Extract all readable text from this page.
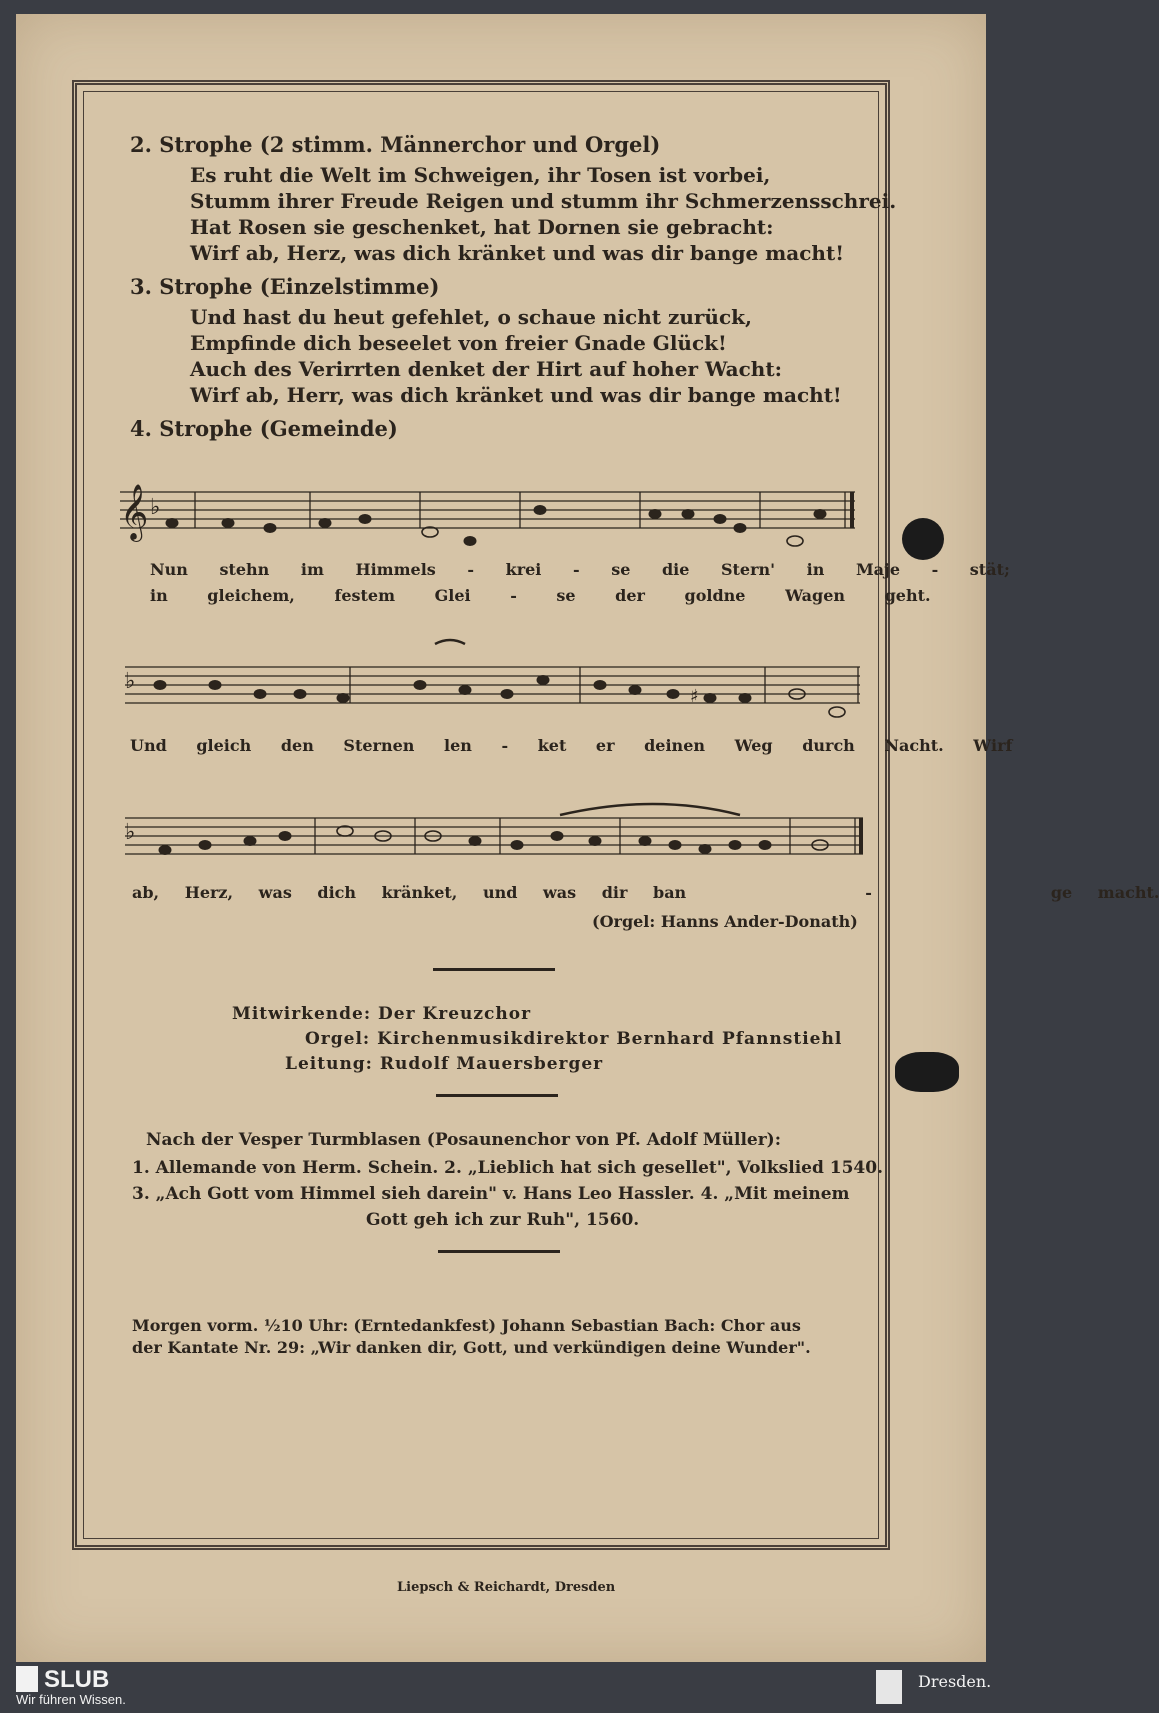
2. Strophe (2 stimm. Männerchor und Orgel)
Es ruht die Welt im Schweigen, ihr Tosen ist vorbei,
Stumm ihrer Freude Reigen und stumm ihr Schmerzensschrei.
Hat Rosen sie geschenket, hat Dornen sie gebracht:
Wirf ab, Herz, was dich kränket und was dir bange macht!
3. Strophe (Einzelstimme)
Und hast du heut gefehlet, o schaue nicht zurück,
Empfinde dich beseelet von freier Gnade Glück!
Auch des Verirrten denket der Hirt auf hoher Wacht:
Wirf ab, Herr, was dich kränket und was dir bange macht!
4. Strophe (Gemeinde)
𝄞 ♭
Nun stehn im Himmels - krei - se die Stern' in Maje - stät;
in gleichem, festem Glei - se der goldne Wagen geht.
♭
♯
Und gleich den Sternen len - ket er deinen Weg durch Nacht. Wirf
♭
ab, Herz, was dich kränket, und was dir ban	-	ge macht.
(Orgel: Hanns Ander-Donath)
Mitwirkende: Der Kreuzchor
Orgel: Kirchenmusikdirektor Bernhard Pfannstiehl
Leitung: Rudolf Mauersberger
Nach der Vesper Turmblasen (Posaunenchor von Pf. Adolf Müller):
1. Allemande von Herm. Schein. 2. „Lieblich hat sich gesellet", Volkslied 1540.
3. „Ach Gott vom Himmel sieh darein" v. Hans Leo Hassler. 4. „Mit meinem
Gott geh ich zur Ruh", 1560.
Morgen vorm. ½10 Uhr: (Erntedankfest) Johann Sebastian Bach: Chor aus
der Kantate Nr. 29: „Wir danken dir, Gott, und verkündigen deine Wunder".
Liepsch & Reichardt, Dresden
SLUB
Wir führen Wissen.
Dresden.
